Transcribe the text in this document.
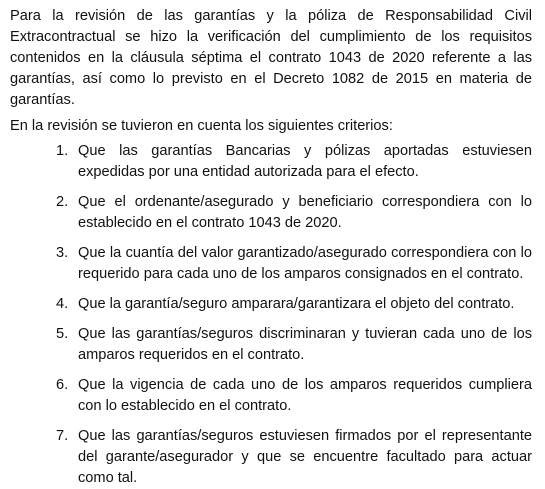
Para la revisión de las garantías y la póliza de Responsabilidad Civil Extracontractual se hizo la verificación del cumplimiento de los requisitos contenidos en la cláusula séptima el contrato 1043 de 2020 referente a las garantías, así como lo previsto en el Decreto 1082 de 2015 en materia de garantías.

En la revisión se tuvieron en cuenta los siguientes criterios:

1. Que las garantías Bancarias y pólizas aportadas estuviesen expedidas por una entidad autorizada para el efecto.
2. Que el ordenante/asegurado y beneficiario correspondiera con lo establecido en el contrato 1043 de 2020.
3. Que la cuantía del valor garantizado/asegurado correspondiera con lo requerido para cada uno de los amparos consignados en el contrato.
4. Que la garantía/seguro amparara/garantizara el objeto del contrato.
5. Que las garantías/seguros discriminaran y tuvieran cada uno de los amparos requeridos en el contrato.
6. Que la vigencia de cada uno de los amparos requeridos cumpliera con lo establecido en el contrato.
7. Que las garantías/seguros estuviesen firmados por el representante del garante/asegurador y que se encuentre facultado para actuar como tal.
